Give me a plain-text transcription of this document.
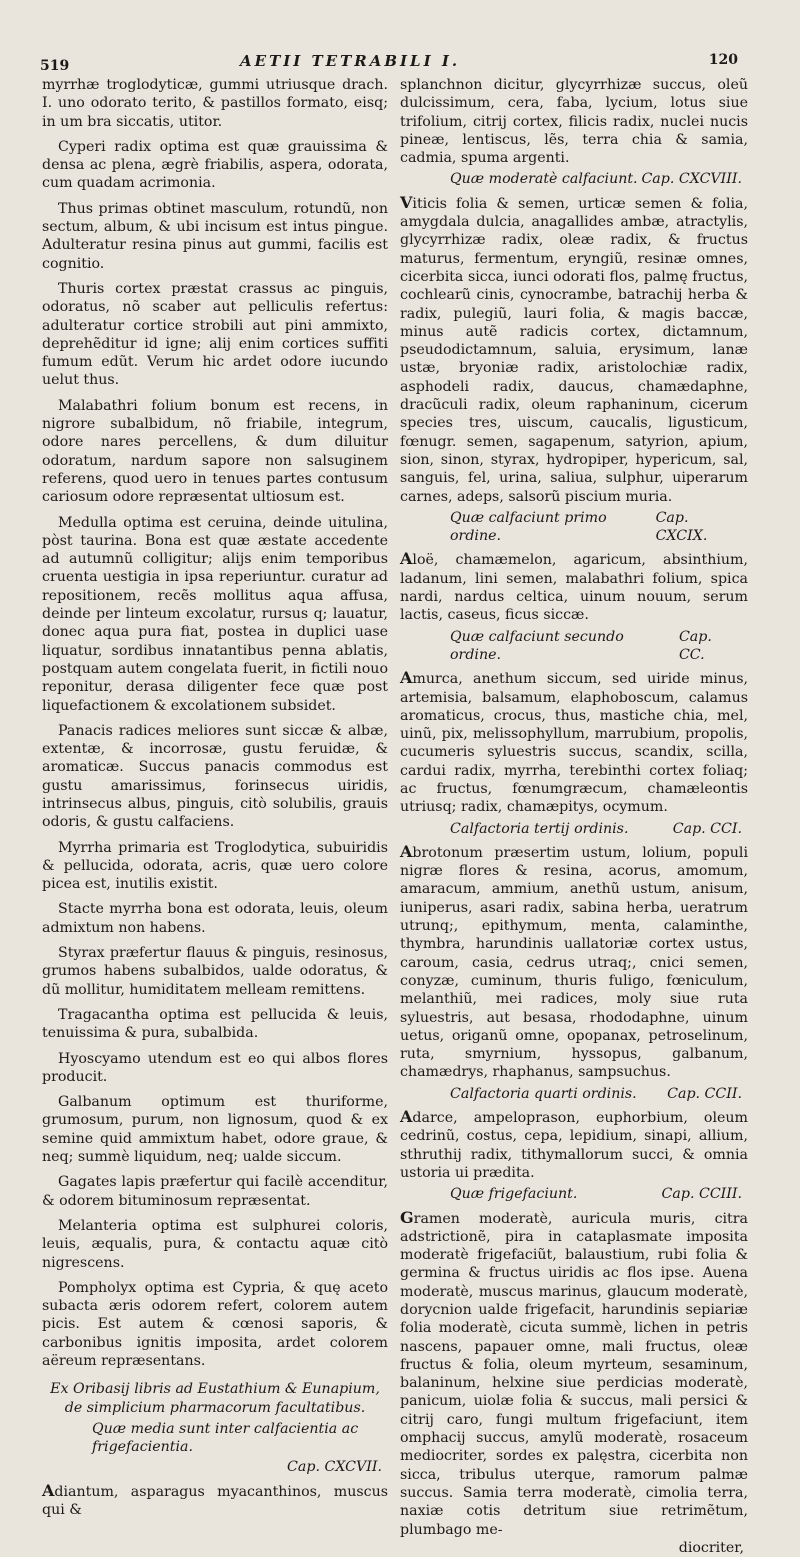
519	AETII TETRABILI I.	120

myrrhæ troglodyticæ, gummi utriusque drach. I. uno odorato terito, & pastillos formato, eisq; in um bra siccatis, utitor.

Cyperi radix optima est quæ grauissima & densa ac plena, ægrè friabilis, aspera, odorata, cum quadam acrimonia.

Thus primas obtinet masculum, rotundũ, non sectum, album, & ubi incisum est intus pingue. Adulteratur resina pinus aut gummi, facilis est cognitio.

Thuris cortex præstat crassus ac pinguis, odoratus, nõ scaber aut pelliculis refertus: adulteratur cortice strobili aut pini ammixto, deprehẽditur id igne; alij enim cortices suffiti fumum edũt. Verum hic ardet odore iucundo uelut thus.

Malabathri folium bonum est recens, in nigrore subalbidum, nõ friabile, integrum, odore nares percellens, & dum diluitur odoratum, nardum sapore non salsuginem referens, quod uero in tenues partes contusum cariosum odore repræsentat ultiosum est.

Medulla optima est ceruina, deinde uitulina, pòst taurina. Bona est quæ æstate accedente ad autumnũ colligitur; alijs enim temporibus cruenta uestigia in ipsa reperiuntur. curatur ad repositionem, recẽs mollitus aqua affusa, deinde per linteum excolatur, rursus q; lauatur, donec aqua pura fiat, postea in duplici uase liquatur, sordibus innatantibus penna ablatis, postquam autem congelata fuerit, in fictili nouo reponitur, derasa diligenter fece quæ post liquefactionem & excolationem subsidet.

Panacis radices meliores sunt siccæ & albæ, extentæ, & incorrosæ, gustu feruidæ, & aromaticæ. Succus panacis commodus est gustu amarissimus, forinsecus uiridis, intrinsecus albus, pinguis, citò solubilis, grauis odoris, & gustu calfaciens.

Myrrha primaria est Troglodytica, subuiridis & pellucida, odorata, acris, quæ uero colore picea est, inutilis existit.

Stacte myrrha bona est odorata, leuis, oleum admixtum non habens.

Styrax præfertur flauus & pinguis, resinosus, grumos habens subalbidos, ualde odoratus, & dũ mollitur, humiditatem melleam remittens.

Tragacantha optima est pellucida & leuis, tenuissima & pura, subalbida.

Hyoscyamo utendum est eo qui albos flores producit.

Galbanum optimum est thuriforme, grumosum, purum, non lignosum, quod & ex semine quid ammixtum habet, odore graue, & neq; summè liquidum, neq; ualde siccum.

Gagates lapis præfertur qui facilè accenditur, & odorem bituminosum repræsentat.

Melanteria optima est sulphurei coloris, leuis, æqualis, pura, & contactu aquæ citò nigrescens.

Pompholyx optima est Cypria, & quę aceto subacta æris odorem refert, colorem autem picis. Est autem & cœnosi saporis, & carbonibus ignitis imposita, ardet colorem aëreum repræsentans.

Ex Oribasij libris ad Eustathium & Eunapium, de simplicium pharmacorum facultatibus.
Quæ media sunt inter calfacientia ac frigefacientia.
Cap. CXCVII.

Adiantum, asparagus myacanthinos, muscus qui &

splanchnon dicitur, glycyrrhizæ succus, oleũ dulcissimum, cera, faba, lycium, lotus siue trifolium, citrij cortex, filicis radix, nuclei nucis pineæ, lentiscus, lẽs, terra chia & samia, cadmia, spuma argenti.

Quæ moderatè calfaciunt. Cap. CXCVIII.

Viticis folia & semen, urticæ semen & folia, amygdala dulcia, anagallides ambæ, atractylis, glycyrrhizæ radix, oleæ radix, & fructus maturus, fermentum, eryngiũ, resinæ omnes, cicerbita sicca, iunci odorati flos, palmę fructus, cochlearũ cinis, cynocrambe, batrachij herba & radix, pulegiũ, lauri folia, & magis baccæ, minus autẽ radicis cortex, dictamnum, pseudodictamnum, saluia, erysimum, lanæ ustæ, bryoniæ radix, aristolochiæ radix, asphodeli radix, daucus, chamædaphne, dracũculi radix, oleum raphaninum, cicerum species tres, uiscum, caucalis, ligusticum, fœnugr. semen, sagapenum, satyrion, apium, sion, sinon, styrax, hydropiper, hypericum, sal, sanguis, fel, urina, saliua, sulphur, uiperarum carnes, adeps, salsorũ piscium muria.

Quæ calfaciunt primo ordine.
Cap. CXCIX.

Aloë, chamæmelon, agaricum, absinthium, ladanum, lini semen, malabathri folium, spica nardi, nardus celtica, uinum nouum, serum lactis, caseus, ficus siccæ.

Quæ calfaciunt secundo ordine.
Cap. CC.

Amurca, anethum siccum, sed uiride minus, artemisia, balsamum, elaphoboscum, calamus aromaticus, crocus, thus, mastiche chia, mel, uinũ, pix, melissophyllum, marrubium, propolis, cucumeris syluestris succus, scandix, scilla, cardui radix, myrrha, terebinthi cortex foliaq; ac fructus, fœnumgræcum, chamæleontis utriusq; radix, chamæpitys, ocymum.

Calfactoria tertij ordinis.	Cap. CCI.

Abrotonum præsertim ustum, lolium, populi nigræ flores & resina, acorus, amomum, amaracum, ammium, anethũ ustum, anisum, iuniperus, asari radix, sabina herba, ueratrum utrunq;, epithymum, menta, calaminthe, thymbra, harundinis uallatoriæ cortex ustus, caroum, casia, cedrus utraq;, cnici semen, conyzæ, cuminum, thuris fuligo, fœniculum, melanthiũ, mei radices, moly siue ruta syluestris, aut besasa, rhododaphne, uinum uetus, origanũ omne, opopanax, petroselinum, ruta, smyrnium, hyssopus, galbanum, chamædrys, rhaphanus, sampsuchus.

Calfactoria quarti ordinis. Cap. CCII.

Adarce, ampeloprason, euphorbium, oleum cedrinũ, costus, cepa, lepidium, sinapi, allium, sthruthij radix, tithymallorum succi, & omnia ustoria ui prædita.

Quæ frigefaciunt.	Cap. CCIII.

Gramen moderatè, auricula muris, citra adstrictionẽ, pira in cataplasmate imposita moderatè frigefaciũt, balaustium, rubi folia & germina & fructus uiridis ac flos ipse. Auena moderatè, muscus marinus, glaucum moderatè, dorycnion ualde frigefacit, harundinis sepiariæ folia moderatè, cicuta summè, lichen in petris nascens, papauer omne, mali fructus, oleæ fructus & folia, oleum myrteum, sesaminum, balaninum, helxine siue perdicias moderatè, panicum, uiolæ folia & succus, mali persici & citrij caro, fungi multum frigefaciunt, item omphacij succus, amylũ moderatè, rosaceum mediocriter, sordes ex palęstra, cicerbita non sicca, tribulus uterque, ramorum palmæ succus. Samia terra moderatè, cimolia terra, naxiæ cotis detritum siue retrimẽtum, plumbago me-

diocriter,
